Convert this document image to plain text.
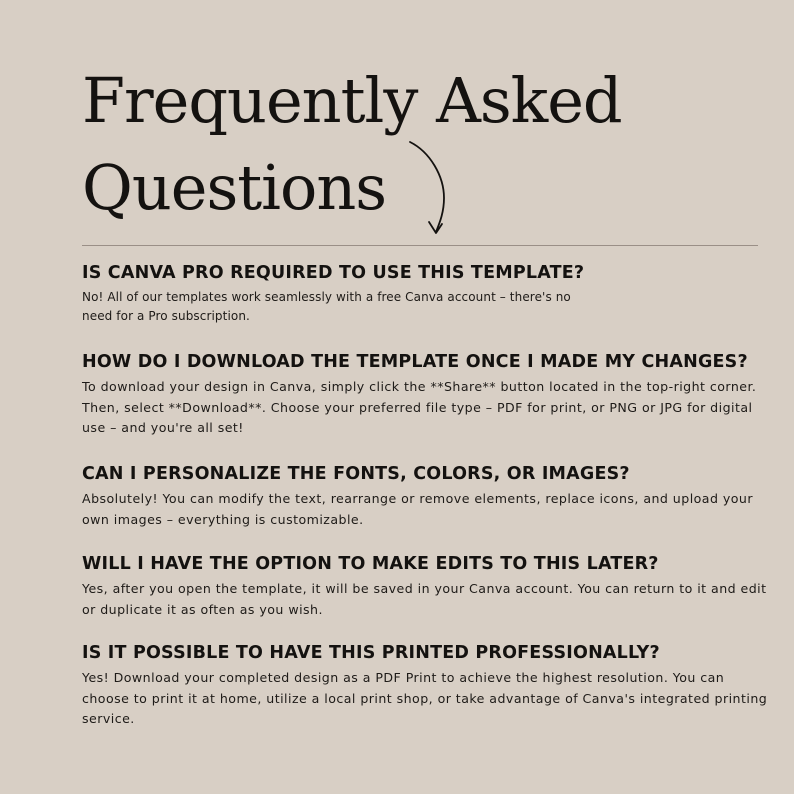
Frequently Asked
Questions
IS CANVA PRO REQUIRED TO USE THIS TEMPLATE?

No! All of our templates work seamlessly with a free Canva account – there's no need for a Pro subscription.

HOW DO I DOWNLOAD THE TEMPLATE ONCE I MADE MY CHANGES?

To download your design in Canva, simply click the **Share** button located in the top-right corner. Then, select **Download**. Choose your preferred file type – PDF for print, or PNG or JPG for digital use – and you're all set!

CAN I PERSONALIZE THE FONTS, COLORS, OR IMAGES?

Absolutely! You can modify the text, rearrange or remove elements, replace icons, and upload your own images – everything is customizable.

WILL I HAVE THE OPTION TO MAKE EDITS TO THIS LATER?

Yes, after you open the template, it will be saved in your Canva account. You can return to it and edit or duplicate it as often as you wish.

IS IT POSSIBLE TO HAVE THIS PRINTED PROFESSIONALLY?

Yes! Download your completed design as a PDF Print to achieve the highest resolution. You can choose to print it at home, utilize a local print shop, or take advantage of Canva's integrated printing service.
